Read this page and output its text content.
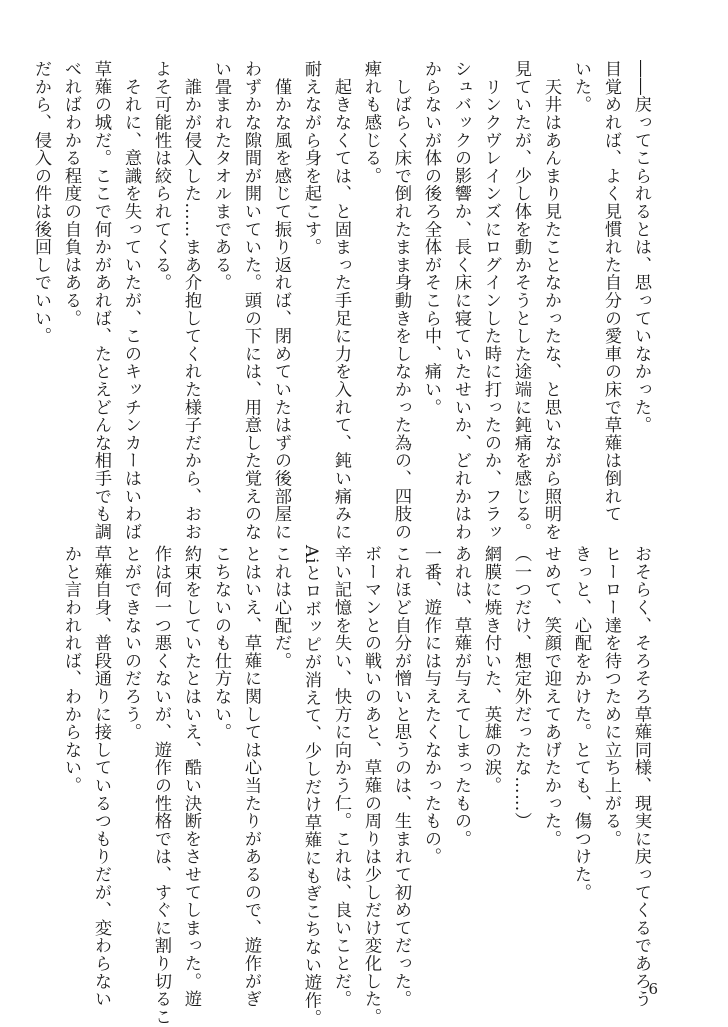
――戻ってこられるとは、思っていなかった。
目覚めれば、よく見慣れた自分の愛車の床で草薙は倒れて
いた。
　天井はあんまり見たことなかったな、と思いながら照明を
見ていたが、少し体を動かそうとした途端に鈍痛を感じる。
　リンクヴレインズにログインした時に打ったのか、フラッ
シュバックの影響か、長く床に寝ていたせいか、どれかはわ
からないが体の後ろ全体がそこら中、痛い。
　しばらく床で倒れたまま身動きをしなかった為の、四肢の
痺れも感じる。
　起きなくては、と固まった手足に力を入れて、鈍い痛みに
耐えながら身を起こす。
　僅かな風を感じて振り返れば、閉めていたはずの後部屋に
わずかな隙間が開いていた。頭の下には、用意した覚えのな
い畳まれたタオルまである。
　誰かが侵入した……まあ介抱してくれた様子だから、おお
よそ可能性は絞られてくる。
　それに、意識を失っていたが、このキッチンカーはいわば
草薙の城だ。ここで何かがあれば、たとえどんな相手でも調
べればわかる程度の自負はある。
だから、侵入の件は後回しでいい。
おそらく、そろそろ草薙同様、現実に戻ってくるであろう
ヒーロー達を待つために立ち上がる。
きっと、心配をかけた。とても、傷つけた。
せめて、笑顔で迎えてあげたかった。
（一つだけ、想定外だったな……）
網膜に焼き付いた、英雄の涙。
あれは、草薙が与えてしまったもの。
一番、遊作には与えたくなかったもの。
これほど自分が憎いと思うのは、生まれて初めてだった。
ボーマンとの戦いのあと、草薙の周りは少しだけ変化した。
辛い記憶を失い、快方に向かう仁。これは、良いことだ。
Aiとロボッピが消えて、少しだけ草薙にもぎこちない遊作。
これは心配だ。
とはいえ、草薙に関しては心当たりがあるので、遊作がぎ
こちないのも仕方ない。
約束をしていたとはいえ、酷い決断をさせてしまった。遊
作は何一つ悪くないが、遊作の性格では、すぐに割り切るこ
とができないのだろう。
草薙自身、普段通りに接しているつもりだが、変わらない
かと言われれば、わからない。
6
